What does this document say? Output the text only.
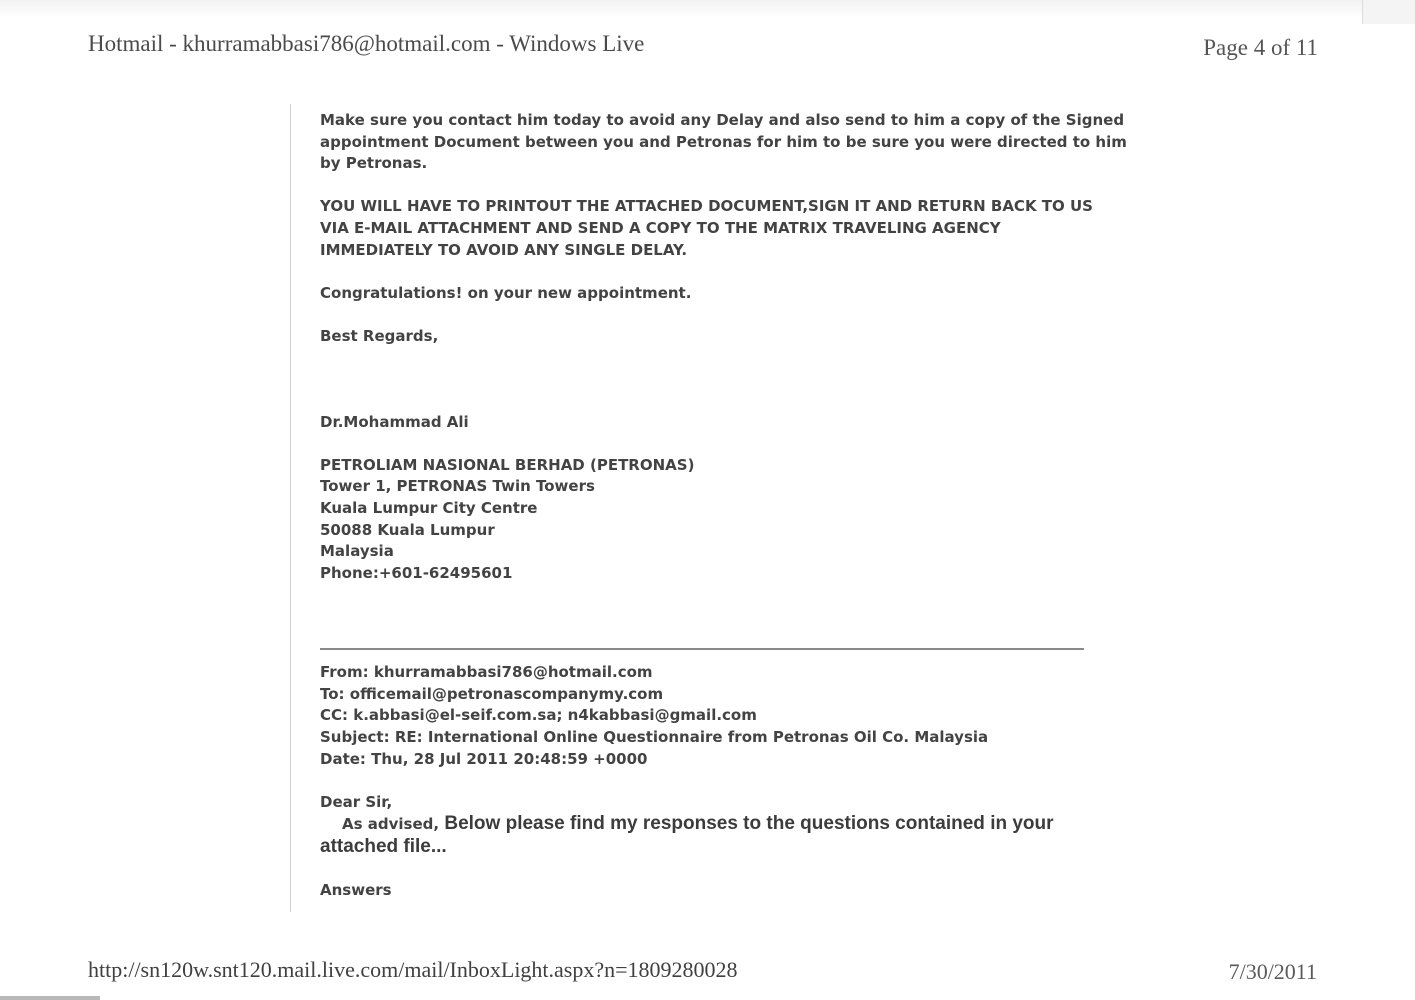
Hotmail - khurramabbasi786@hotmail.com - Windows Live	Page 4 of 11

Make sure you contact him today to avoid any Delay and also send to him a copy of the Signed
appointment Document between you and Petronas for him to be sure you were directed to him
by Petronas.

YOU WILL HAVE TO PRINTOUT THE ATTACHED DOCUMENT,SIGN IT AND RETURN BACK TO US
VIA E-MAIL ATTACHMENT AND SEND A COPY TO THE MATRIX TRAVELING AGENCY
IMMEDIATELY TO AVOID ANY SINGLE DELAY.

Congratulations! on your new appointment.

Best Regards,

Dr.Mohammad Ali

PETROLIAM NASIONAL BERHAD (PETRONAS)
Tower 1, PETRONAS Twin Towers
Kuala Lumpur City Centre
50088 Kuala Lumpur
Malaysia
Phone:+601-62495601

From: khurramabbasi786@hotmail.com
To: officemail@petronascompanymy.com
CC: k.abbasi@el-seif.com.sa; n4kabbasi@gmail.com
Subject: RE: International Online Questionnaire from Petronas Oil Co. Malaysia
Date: Thu, 28 Jul 2011 20:48:59 +0000

Dear Sir,

As advised, Below please find my responses to the questions contained in your
attached file...

Answers

http://sn120w.snt120.mail.live.com/mail/InboxLight.aspx?n=1809280028	7/30/2011
